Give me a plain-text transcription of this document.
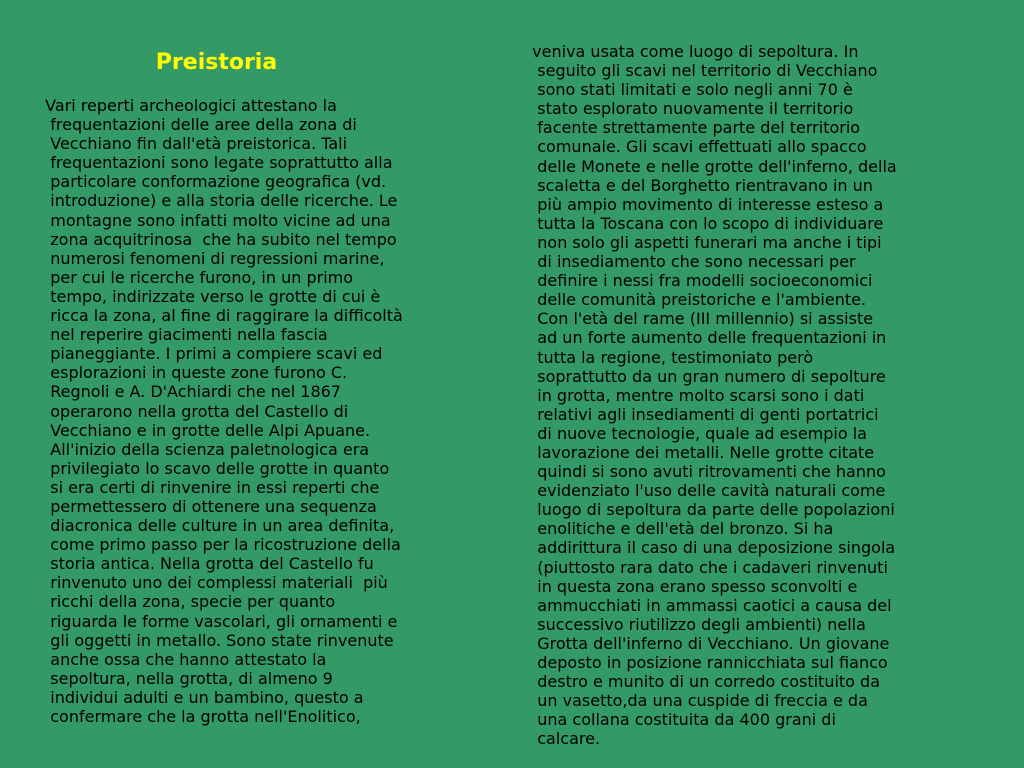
Preistoria

Vari reperti archeologici attestano la
frequentazioni delle aree della zona di
Vecchiano fin dall'età preistorica. Tali
frequentazioni sono legate soprattutto alla
particolare conformazione geografica (vd.
introduzione) e alla storia delle ricerche. Le
montagne sono infatti molto vicine ad una
zona acquitrinosa  che ha subito nel tempo
numerosi fenomeni di regressioni marine,
per cui le ricerche furono, in un primo
tempo, indirizzate verso le grotte di cui è
ricca la zona, al fine di raggirare la difficoltà
nel reperire giacimenti nella fascia
pianeggiante. I primi a compiere scavi ed
esplorazioni in queste zone furono C.
Regnoli e A. D'Achiardi che nel 1867
operarono nella grotta del Castello di
Vecchiano e in grotte delle Alpi Apuane.
All'inizio della scienza paletnologica era
privilegiato lo scavo delle grotte in quanto
si era certi di rinvenire in essi reperti che
permettessero di ottenere una sequenza
diacronica delle culture in un area definita,
come primo passo per la ricostruzione della
storia antica. Nella grotta del Castello fu
rinvenuto uno dei complessi materiali  più
ricchi della zona, specie per quanto
riguarda le forme vascolari, gli ornamenti e
gli oggetti in metallo. Sono state rinvenute
anche ossa che hanno attestato la
sepoltura, nella grotta, di almeno 9
individui adulti e un bambino, questo a
confermare che la grotta nell'Enolitico,

veniva usata come luogo di sepoltura. In
seguito gli scavi nel territorio di Vecchiano
sono stati limitati e solo negli anni 70 è
stato esplorato nuovamente il territorio
facente strettamente parte del territorio
comunale. Gli scavi effettuati allo spacco
delle Monete e nelle grotte dell'inferno, della
scaletta e del Borghetto rientravano in un
più ampio movimento di interesse esteso a
tutta la Toscana con lo scopo di individuare
non solo gli aspetti funerari ma anche i tipi
di insediamento che sono necessari per
definire i nessi fra modelli socioeconomici
delle comunità preistoriche e l'ambiente.
Con l'età del rame (III millennio) si assiste
ad un forte aumento delle frequentazioni in
tutta la regione, testimoniato però
soprattutto da un gran numero di sepolture
in grotta, mentre molto scarsi sono i dati
relativi agli insediamenti di genti portatrici
di nuove tecnologie, quale ad esempio la
lavorazione dei metalli. Nelle grotte citate
quindi si sono avuti ritrovamenti che hanno
evidenziato l'uso delle cavità naturali come
luogo di sepoltura da parte delle popolazioni
enolitiche e dell'età del bronzo. Si ha
addirittura il caso di una deposizione singola
(piuttosto rara dato che i cadaveri rinvenuti
in questa zona erano spesso sconvolti e
ammucchiati in ammassi caotici a causa del
successivo riutilizzo degli ambienti) nella
Grotta dell'inferno di Vecchiano. Un giovane
deposto in posizione rannicchiata sul fianco
destro e munito di un corredo costituito da
un vasetto,da una cuspide di freccia e da
una collana costituita da 400 grani di
calcare.
